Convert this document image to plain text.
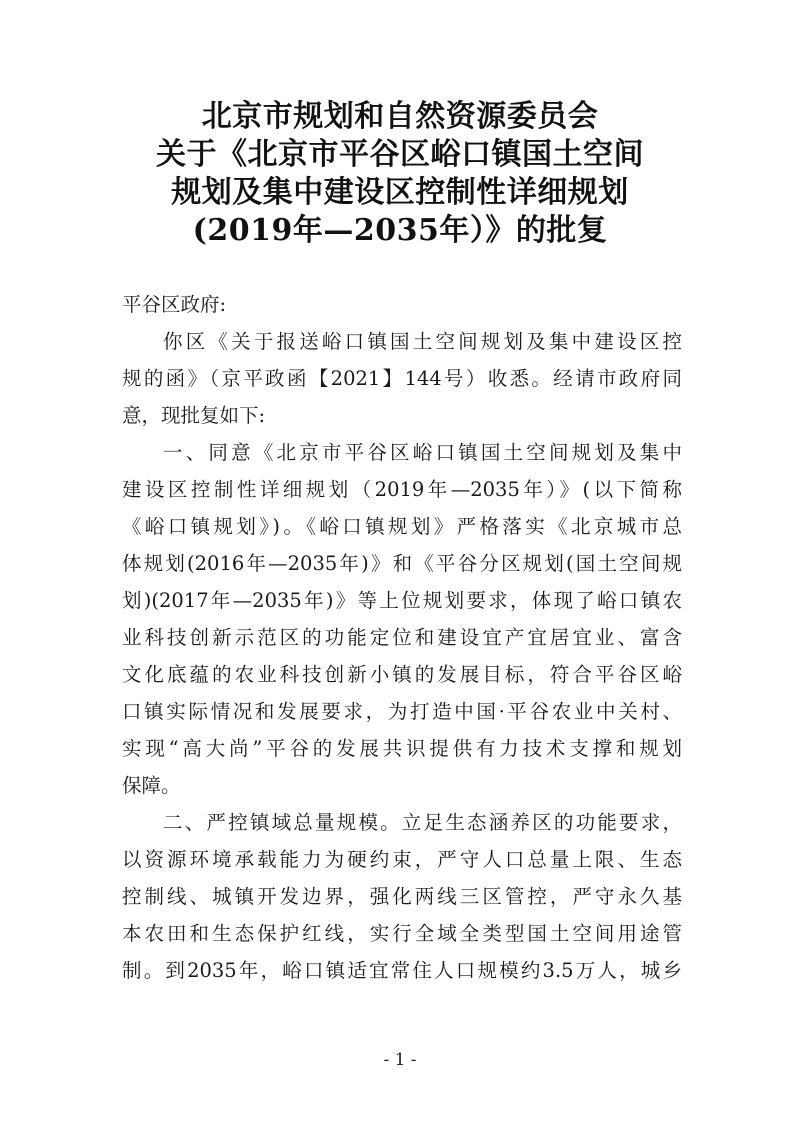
北京市规划和自然资源委员会
关于《北京市平谷区峪口镇国土空间
规划及集中建设区控制性详细规划
(2019年—2035年）》的批复
平谷区政府:
你区《关于报送峪口镇国土空间规划及集中建设区控
规的函》（京平政函【2021】144号）收悉。经请市政府同
意，现批复如下:
一、同意《北京市平谷区峪口镇国土空间规划及集中
建设区控制性详细规划（2019年—2035年）》(以下简称
《峪口镇规划》)。《峪口镇规划》严格落实《北京城市总
体规划(2016年—2035年)》和《平谷分区规划(国土空间规
划)(2017年—2035年)》等上位规划要求，体现了峪口镇农
业科技创新示范区的功能定位和建设宜产宜居宜业、富含
文化底蕴的农业科技创新小镇的发展目标，符合平谷区峪
口镇实际情况和发展要求，为打造中国·平谷农业中关村、
实现“高大尚”平谷的发展共识提供有力技术支撑和规划
保障。
二、严控镇域总量规模。立足生态涵养区的功能要求，
以资源环境承载能力为硬约束，严守人口总量上限、生态
控制线、城镇开发边界，强化两线三区管控，严守永久基
本农田和生态保护红线，实行全域全类型国土空间用途管
制。到2035年，峪口镇适宜常住人口规模约3.5万人，城乡
- 1 -
